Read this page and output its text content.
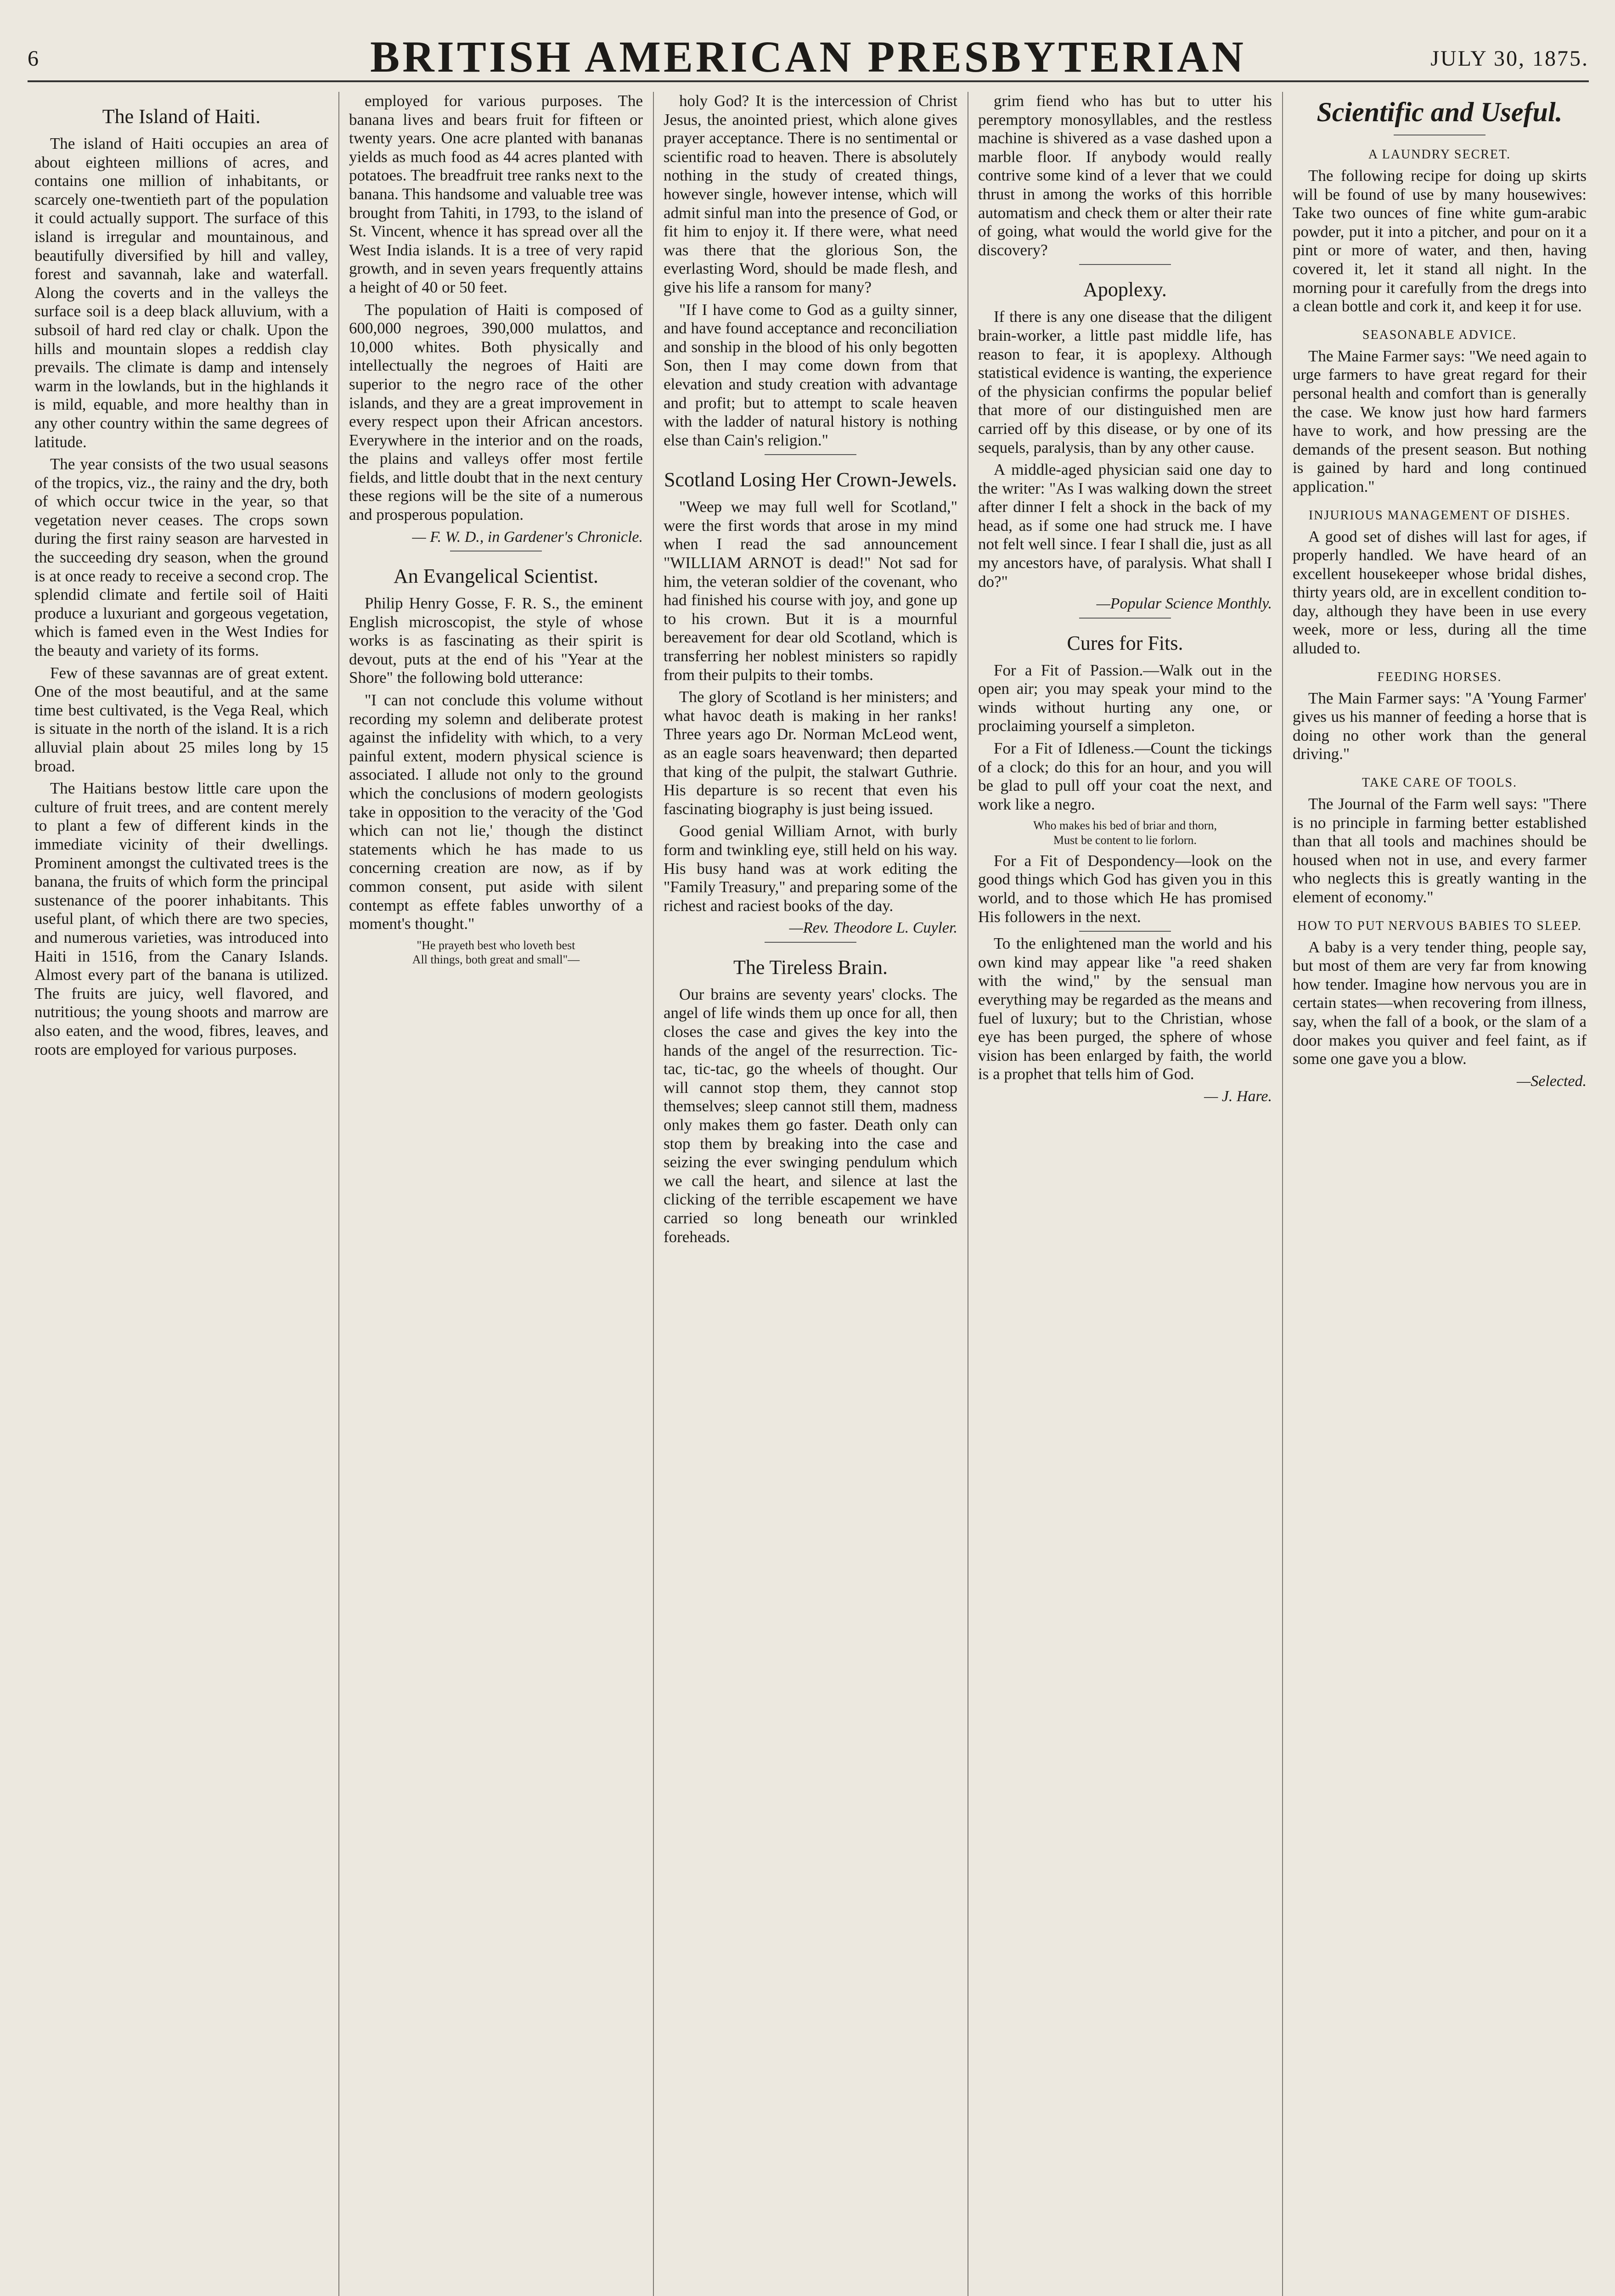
6	BRITISH AMERICAN PRESBYTERIAN	JULY 30, 1875.
The Island of Haiti.

The island of Haiti occupies an area of about eighteen millions of acres, and contains one million of inhabitants, or scarcely one-twentieth part of the population it could actually support. The surface of this island is irregular and mountainous, and beautifully diversified by hill and valley, forest and savannah, lake and waterfall. Along the coverts and in the valleys the surface soil is a deep black alluvium, with a subsoil of hard red clay or chalk. Upon the hills and mountain slopes a reddish clay prevails. The climate is damp and intensely warm in the lowlands, but in the highlands it is mild, equable, and more healthy than in any other country within the same degrees of latitude.

The year consists of the two usual seasons of the tropics, viz., the rainy and the dry, both of which occur twice in the year, so that vegetation never ceases. The crops sown during the first rainy season are harvested in the succeeding dry season, when the ground is at once ready to receive a second crop. The splendid climate and fertile soil of Haiti produce a luxuriant and gorgeous vegetation, which is famed even in the West Indies for the beauty and variety of its forms.

Few of these savannas are of great extent. One of the most beautiful, and at the same time best cultivated, is the Vega Real, which is situate in the north of the island. It is a rich alluvial plain about 25 miles long by 15 broad.

The Haitians bestow little care upon the culture of fruit trees, and are content merely to plant a few of different kinds in the immediate vicinity of their dwellings. Prominent amongst the cultivated trees is the banana, the fruits of which form the principal sustenance of the poorer inhabitants. This useful plant, of which there are two species, and numerous varieties, was introduced into Haiti in 1516, from the Canary Islands. Almost every part of the banana is utilized. The fruits are juicy, well flavored, and nutritious; the young shoots and marrow are also eaten, and the wood, fibres, leaves, and roots are employed for various purposes.

employed for various purposes. The banana lives and bears fruit for fifteen or twenty years. One acre planted with bananas yields as much food as 44 acres planted with potatoes. The breadfruit tree ranks next to the banana. This handsome and valuable tree was brought from Tahiti, in 1793, to the island of St. Vincent, whence it has spread over all the West India islands. It is a tree of very rapid growth, and in seven years frequently attains a height of 40 or 50 feet.

The population of Haiti is composed of 600,000 negroes, 390,000 mulattos, and 10,000 whites. Both physically and intellectually the negroes of Haiti are superior to the negro race of the other islands, and they are a great improvement in every respect upon their African ancestors. Everywhere in the interior and on the roads, the plains and valleys offer most fertile fields, and little doubt that in the next century these regions will be the site of a numerous and prosperous population.

— F. W. D., in Gardener's Chronicle.

An Evangelical Scientist.

Philip Henry Gosse, F. R. S., the eminent English microscopist, the style of whose works is as fascinating as their spirit is devout, puts at the end of his "Year at the Shore" the following bold utterance:

"I can not conclude this volume without recording my solemn and deliberate protest against the infidelity with which, to a very painful extent, modern physical science is associated. I allude not only to the ground which the conclusions of modern geologists take in opposition to the veracity of the 'God which can not lie,' though the distinct statements which he has made to us concerning creation are now, as if by common consent, put aside with silent contempt as effete fables unworthy of a moment's thought."

"He prayeth best who loveth best
All things, both great and small"—

holy God? It is the intercession of Christ Jesus, the anointed priest, which alone gives prayer acceptance. There is no sentimental or scientific road to heaven. There is absolutely nothing in the study of created things, however single, however intense, which will admit sinful man into the presence of God, or fit him to enjoy it. If there were, what need was there that the glorious Son, the everlasting Word, should be made flesh, and give his life a ransom for many?

"If I have come to God as a guilty sinner, and have found acceptance and reconciliation and sonship in the blood of his only begotten Son, then I may come down from that elevation and study creation with advantage and profit; but to attempt to scale heaven with the ladder of natural history is nothing else than Cain's religion."

Scotland Losing Her Crown-Jewels.

"Weep we may full well for Scotland," were the first words that arose in my mind when I read the sad announcement "WILLIAM ARNOT is dead!" Not sad for him, the veteran soldier of the covenant, who had finished his course with joy, and gone up to his crown. But it is a mournful bereavement for dear old Scotland, which is transferring her noblest ministers so rapidly from their pulpits to their tombs.

The glory of Scotland is her ministers; and what havoc death is making in her ranks! Three years ago Dr. Norman McLeod went, as an eagle soars heavenward; then departed that king of the pulpit, the stalwart Guthrie. His departure is so recent that even his fascinating biography is just being issued.

Good genial William Arnot, with burly form and twinkling eye, still held on his way. His busy hand was at work editing the "Family Treasury," and preparing some of the richest and raciest books of the day.

—Rev. Theodore L. Cuyler.

The Tireless Brain.

Our brains are seventy years' clocks. The angel of life winds them up once for all, then closes the case and gives the key into the hands of the angel of the resurrection. Tic-tac, tic-tac, go the wheels of thought. Our will cannot stop them, they cannot stop themselves; sleep cannot still them, madness only makes them go faster. Death only can stop them by breaking into the case and seizing the ever swinging pendulum which we call the heart, and silence at last the clicking of the terrible escapement we have carried so long beneath our wrinkled foreheads.

grim fiend who has but to utter his peremptory monosyllables, and the restless machine is shivered as a vase dashed upon a marble floor. If anybody would really contrive some kind of a lever that we could thrust in among the works of this horrible automatism and check them or alter their rate of going, what would the world give for the discovery?

Apoplexy.

If there is any one disease that the diligent brain-worker, a little past middle life, has reason to fear, it is apoplexy. Although statistical evidence is wanting, the experience of the physician confirms the popular belief that more of our distinguished men are carried off by this disease, or by one of its sequels, paralysis, than by any other cause.

A middle-aged physician said one day to the writer: "As I was walking down the street after dinner I felt a shock in the back of my head, as if some one had struck me. I have not felt well since. I fear I shall die, just as all my ancestors have, of paralysis. What shall I do?"

—Popular Science Monthly.

Cures for Fits.

For a Fit of Passion.—Walk out in the open air; you may speak your mind to the winds without hurting any one, or proclaiming yourself a simpleton.

For a Fit of Idleness.—Count the tickings of a clock; do this for an hour, and you will be glad to pull off your coat the next, and work like a negro.

Who makes his bed of briar and thorn,
Must be content to lie forlorn.

For a Fit of Despondency—look on the good things which God has given you in this world, and to those which He has promised His followers in the next.

To the enlightened man the world and his own kind may appear like "a reed shaken with the wind," by the sensual man everything may be regarded as the means and fuel of luxury; but to the Christian, whose eye has been purged, the sphere of whose vision has been enlarged by faith, the world is a prophet that tells him of God.

— J. Hare.

Scientific and Useful.
A LAUNDRY SECRET.

The following recipe for doing up skirts will be found of use by many housewives: Take two ounces of fine white gum-arabic powder, put it into a pitcher, and pour on it a pint or more of water, and then, having covered it, let it stand all night. In the morning pour it carefully from the dregs into a clean bottle and cork it, and keep it for use.

SEASONABLE ADVICE.

The Maine Farmer says: "We need again to urge farmers to have great regard for their personal health and comfort than is generally the case. We know just how hard farmers have to work, and how pressing are the demands of the present season. But nothing is gained by hard and long continued application."

INJURIOUS MANAGEMENT OF DISHES.

A good set of dishes will last for ages, if properly handled. We have heard of an excellent housekeeper whose bridal dishes, thirty years old, are in excellent condition to-day, although they have been in use every week, more or less, during all the time alluded to.

FEEDING HORSES.

The Main Farmer says: "A 'Young Farmer' gives us his manner of feeding a horse that is doing no other work than the general driving."

TAKE CARE OF TOOLS.

The Journal of the Farm well says: "There is no principle in farming better established than that all tools and machines should be housed when not in use, and every farmer who neglects this is greatly wanting in the element of economy."

HOW TO PUT NERVOUS BABIES TO SLEEP.

A baby is a very tender thing, people say, but most of them are very far from knowing how tender. Imagine how nervous you are in certain states—when recovering from illness, say, when the fall of a book, or the slam of a door makes you quiver and feel faint, as if some one gave you a blow.

—Selected.
